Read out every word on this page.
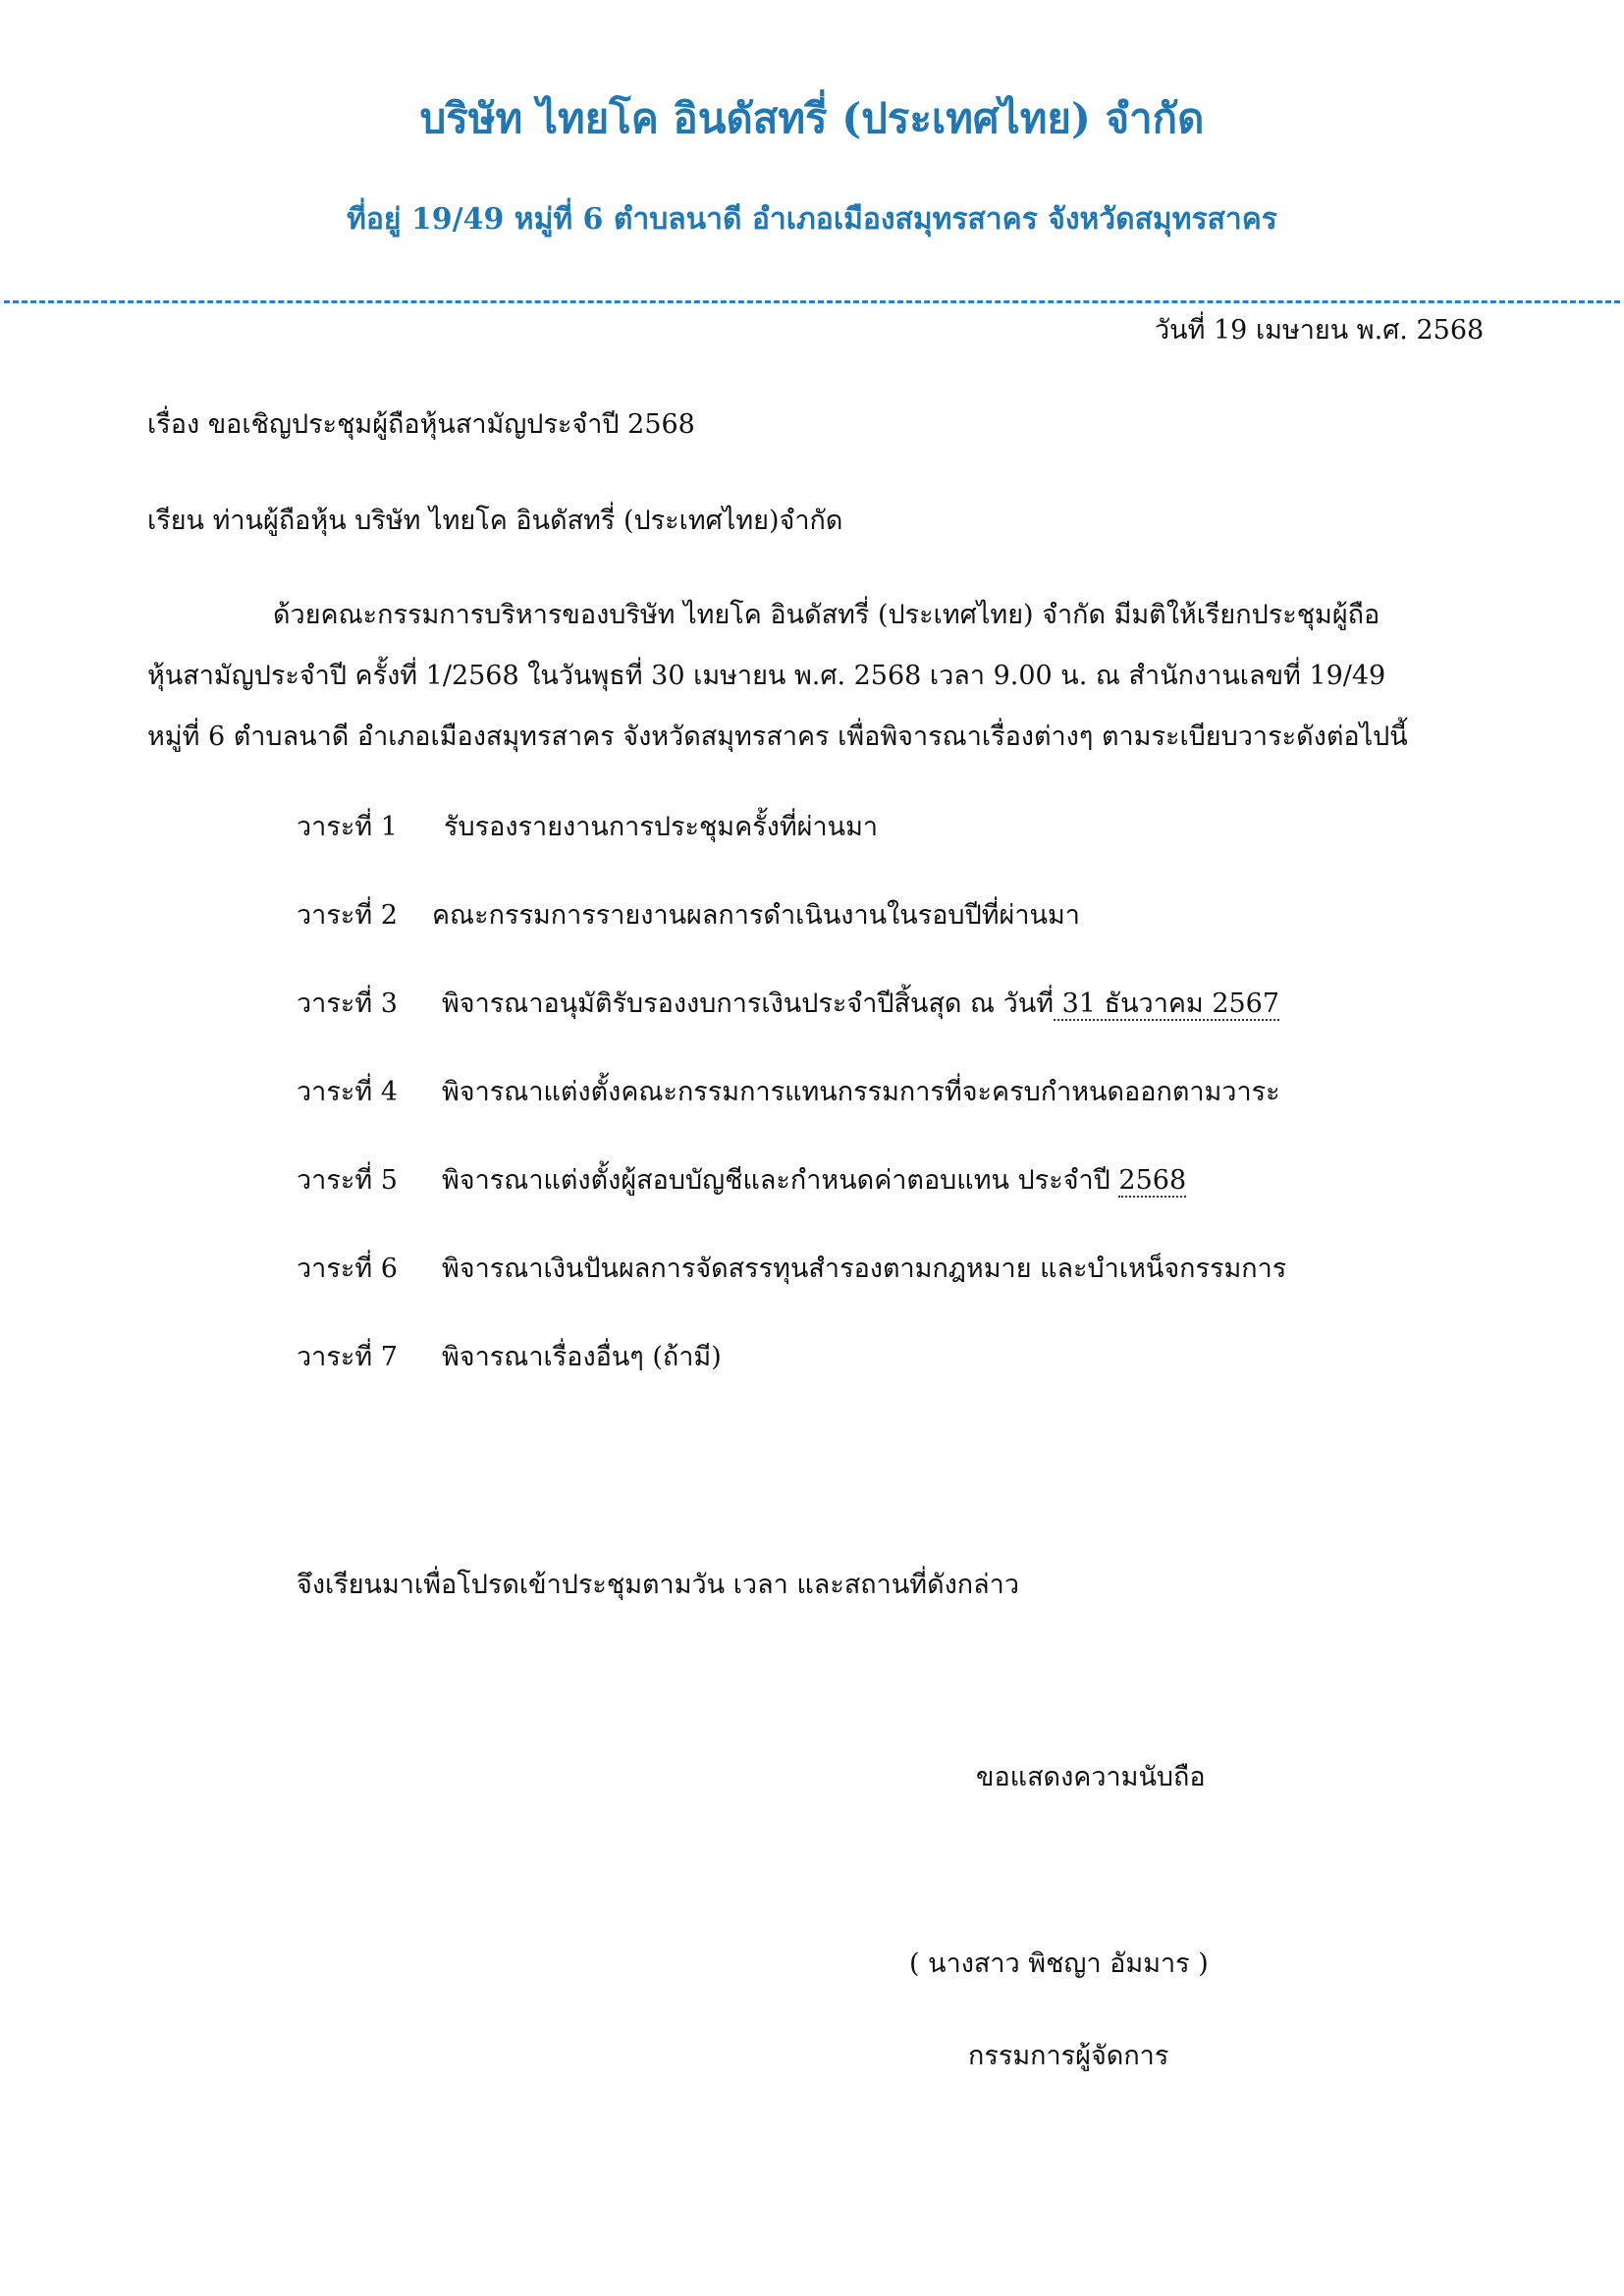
บริษัท ไทยโค อินดัสทรี่ (ประเทศไทย) จำกัด
ที่อยู่ 19/49 หมู่ที่ 6 ตำบลนาดี อำเภอเมืองสมุทรสาคร จังหวัดสมุทรสาคร
วันที่ 19 เมษายน พ.ศ. 2568
เรื่อง ขอเชิญประชุมผู้ถือหุ้นสามัญประจำปี 2568
เรียน ท่านผู้ถือหุ้น บริษัท ไทยโค อินดัสทรี่ (ประเทศไทย)จำกัด
ด้วยคณะกรรมการบริหารของบริษัท ไทยโค อินดัสทรี่ (ประเทศไทย) จำกัด มีมติให้เรียกประชุมผู้ถือ
หุ้นสามัญประจำปี ครั้งที่ 1/2568 ในวันพุธที่ 30 เมษายน พ.ศ. 2568 เวลา 9.00 น. ณ สำนักงานเลขที่ 19/49
หมู่ที่ 6 ตำบลนาดี อำเภอเมืองสมุทรสาคร จังหวัดสมุทรสาคร เพื่อพิจารณาเรื่องต่างๆ ตามระเบียบวาระดังต่อไปนี้
วาระที่ 1 รับรองรายงานการประชุมครั้งที่ผ่านมา
วาระที่ 2 คณะกรรมการรายงานผลการดำเนินงานในรอบปีที่ผ่านมา
วาระที่ 3 พิจารณาอนุมัติรับรองงบการเงินประจำปีสิ้นสุด ณ วันที่ 31 ธันวาคม 2567
วาระที่ 4 พิจารณาแต่งตั้งคณะกรรมการแทนกรรมการที่จะครบกำหนดออกตามวาระ
วาระที่ 5 พิจารณาแต่งตั้งผู้สอบบัญชีและกำหนดค่าตอบแทน ประจำปี 2568
วาระที่ 6 พิจารณาเงินปันผลการจัดสรรทุนสำรองตามกฎหมาย และบำเหน็จกรรมการ
วาระที่ 7 พิจารณาเรื่องอื่นๆ (ถ้ามี)
จึงเรียนมาเพื่อโปรดเข้าประชุมตามวัน เวลา และสถานที่ดังกล่าว
ขอแสดงความนับถือ
( นางสาว พิชญา อัมมาร )
กรรมการผู้จัดการ
